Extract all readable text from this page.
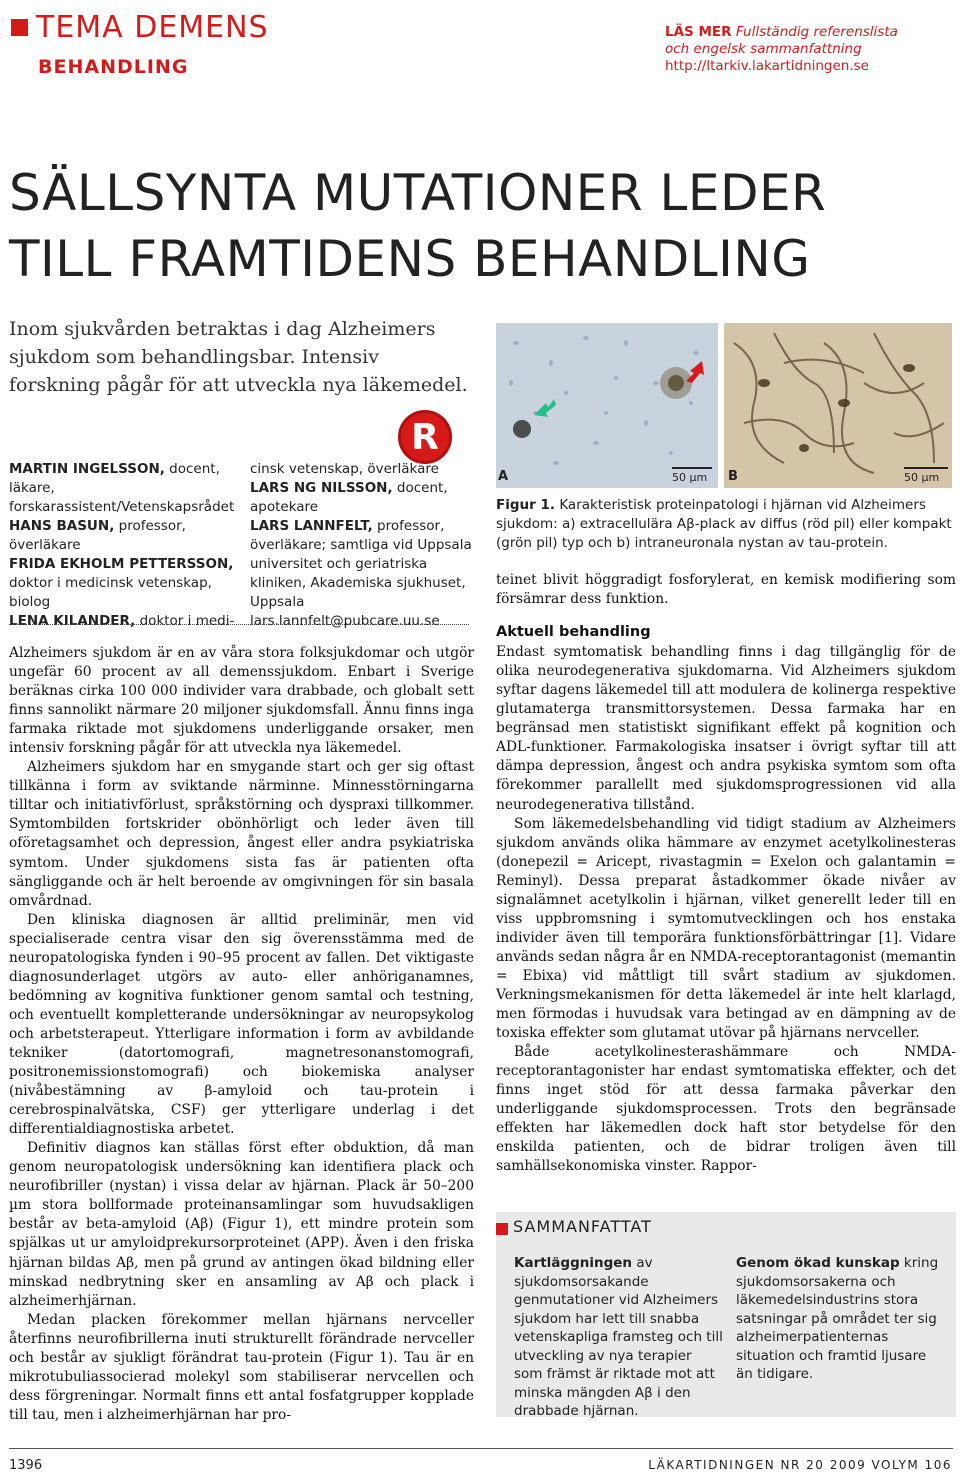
TEMA DEMENS
BEHANDLING
LÄS MER Fullständig referenslista och engelsk sammanfattning
http://ltarkiv.lakartidningen.se
SÄLLSYNTA MUTATIONER LEDER
TILL FRAMTIDENS BEHANDLING
Inom sjukvården betraktas i dag Alzheimers sjukdom som behandlingsbar. Intensiv forskning pågår för att utveckla nya läkemedel.
R
MARTIN INGELSSON, docent, läkare, forskarassistent/Vetenskapsrådet
HANS BASUN, professor, överläkare
FRIDA EKHOLM PETTERSSON, doktor i medicinsk vetenskap, biolog
LENA KILANDER, doktor i medi-
cinsk vetenskap, överläkare
LARS NG NILSSON, docent, apotekare
LARS LANNFELT, professor, överläkare; samtliga vid Uppsala universitet och geriatriska kliniken, Akademiska sjukhuset, Uppsala
lars.lannfelt@pubcare.uu.se

Alzheimers sjukdom är en av våra stora folksjukdomar och utgör ungefär 60 procent av all demenssjukdom. Enbart i Sverige beräknas cirka 100 000 individer vara drabbade, och globalt sett finns sannolikt närmare 20 miljoner sjukdomsfall. Ännu finns inga farmaka riktade mot sjukdomens underliggande orsaker, men intensiv forskning pågår för att utveckla nya läkemedel.

Alzheimers sjukdom har en smygande start och ger sig oftast tillkänna i form av sviktande närminne. Minnesstörningarna tilltar och initiativförlust, språkstörning och dyspraxi tillkommer. Symtombilden fortskrider obönhörligt och leder även till oföretagsamhet och depression, ångest eller andra psykiatriska symtom. Under sjukdomens sista fas är patienten ofta sängliggande och är helt beroende av omgivningen för sin basala omvårdnad.

Den kliniska diagnosen är alltid preliminär, men vid specialiserade centra visar den sig överensstämma med de neuropatologiska fynden i 90–95 procent av fallen. Det viktigaste diagnosunderlaget utgörs av auto- eller anhöriganamnes, bedömning av kognitiva funktioner genom samtal och testning, och eventuellt kompletterande undersökningar av neuropsykolog och arbetsterapeut. Ytterligare information i form av avbildande tekniker (datortomografi, magnetresonanstomografi, positronemissionstomografi) och biokemiska analyser (nivåbestämning av β-amyloid och tau-protein i cerebrospinalvätska, CSF) ger ytterligare underlag i det differentialdiagnostiska arbetet.

Definitiv diagnos kan ställas först efter obduktion, då man genom neuropatologisk undersökning kan identifiera plack och neurofibriller (nystan) i vissa delar av hjärnan. Plack är 50–200 µm stora bollformade proteinansamlingar som huvudsakligen består av beta-amyloid (Aβ) (Figur 1), ett mindre protein som spjälkas ut ur amyloidprekursorproteinet (APP). Även i den friska hjärnan bildas Aβ, men på grund av antingen ökad bildning eller minskad nedbrytning sker en ansamling av Aβ och plack i alzheimerhjärnan.

Medan placken förekommer mellan hjärnans nervceller återfinns neurofibrillerna inuti strukturellt förändrade nervceller och består av sjukligt förändrat tau-protein (Figur 1). Tau är en mikrotubuliassocierad molekyl som stabiliserar nervcellen och dess förgreningar. Normalt finns ett antal fosfatgrupper kopplade till tau, men i alzheimerhjärnan har pro-

A	50 µm B	50 µm
Figur 1. Karakteristisk proteinpatologi i hjärnan vid Alzheimers sjukdom: a) extracellulära Aβ-plack av diffus (röd pil) eller kompakt (grön pil) typ och b) intraneuronala nystan av tau-protein.

teinet blivit höggradigt fosforylerat, en kemisk modifiering som försämrar dess funktion.

Aktuell behandling

Endast symtomatisk behandling finns i dag tillgänglig för de olika neurodegenerativa sjukdomarna. Vid Alzheimers sjukdom syftar dagens läkemedel till att modulera de kolinerga respektive glutamaterga transmittorsystemen. Dessa farmaka har en begränsad men statistiskt signifikant effekt på kognition och ADL-funktioner. Farmakologiska insatser i övrigt syftar till att dämpa depression, ångest och andra psykiska symtom som ofta förekommer parallellt med sjukdomsprogressionen vid alla neurodegenerativa tillstånd.

Som läkemedelsbehandling vid tidigt stadium av Alzheimers sjukdom används olika hämmare av enzymet acetylkolinesteras (donepezil = Aricept, rivastagmin = Exelon och galantamin = Reminyl). Dessa preparat åstadkommer ökade nivåer av signalämnet acetylkolin i hjärnan, vilket generellt leder till en viss uppbromsning i symtomutvecklingen och hos enstaka individer även till temporära funktionsförbättringar [1]. Vidare används sedan några år en NMDA-receptorantagonist (memantin = Ebixa) vid måttligt till svårt stadium av sjukdomen. Verkningsmekanismen för detta läkemedel är inte helt klarlagd, men förmodas i huvudsak vara betingad av en dämpning av de toxiska effekter som glutamat utövar på hjärnans nervceller.

Både acetylkolinesterashämmare och NMDA-receptorantagonister har endast symtomatiska effekter, och det finns inget stöd för att dessa farmaka påverkar den underliggande sjukdomsprocessen. Trots den begränsade effekten har läkemedlen dock haft stor betydelse för den enskilda patienten, och de bidrar troligen även till samhällsekonomiska vinster. Rappor-

SAMMANFATTAT
Kartläggningen av sjukdomsorsakande genmutationer vid Alzheimers sjukdom har lett till snabba vetenskapliga framsteg och till utveckling av nya terapier som främst är riktade mot att minska mängden Aβ i den drabbade hjärnan.
Genom ökad kunskap kring sjukdomsorsakerna och läkemedelsindustrins stora satsningar på området ter sig alzheimerpatienternas situation och framtid ljusare än tidigare.
1396	LÄKARTIDNINGEN NR 20 2009 VOLYM 106
